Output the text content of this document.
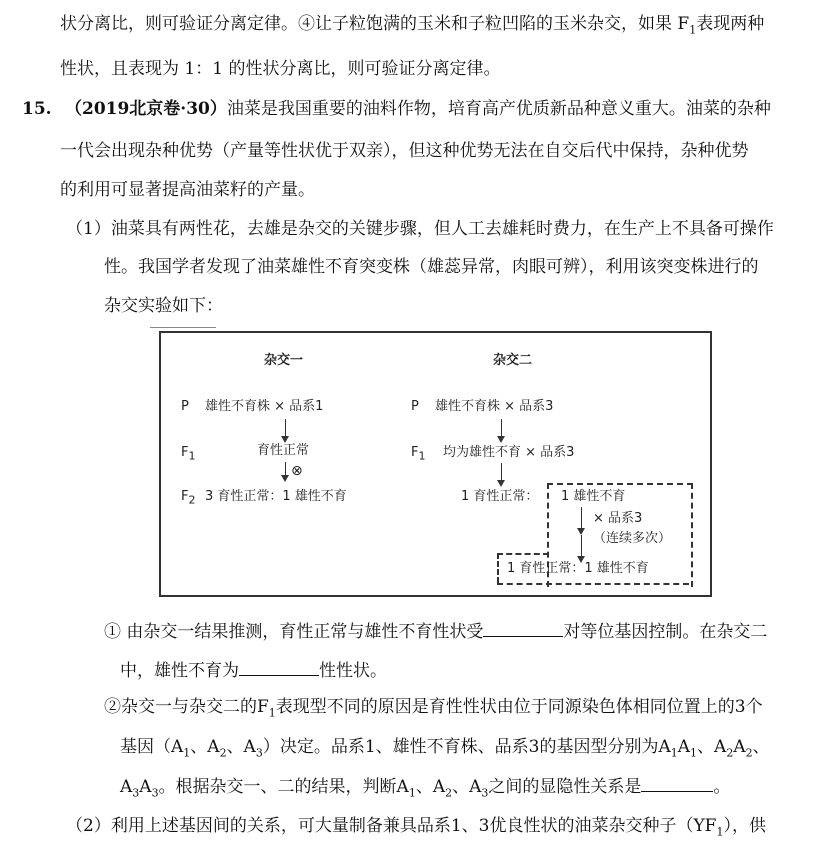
状分离比，则可验证分离定律。④让子粒饱满的玉米和子粒凹陷的玉米杂交，如果 $F_1$表现两种
性状，且表现为 1：1 的性状分离比，则可验证分离定律。
15. （2019北京卷·30）油菜是我国重要的油料作物，培育高产优质新品种意义重大。油菜的杂种
一代会出现杂种优势（产量等性状优于双亲），但这种优势无法在自交后代中保持，杂种优势
的利用可显著提高油菜籽的产量。
（1）油菜具有两性花，去雄是杂交的关键步骤，但人工去雄耗时费力，在生产上不具备可操作
性。我国学者发现了油菜雄性不育突变株（雄蕊异常，肉眼可辨），利用该突变株进行的
杂交实验如下：
杂交一	杂交二
P 雄性不育株 × 品系1
$F_1$	育性正常
⊗
$F_2$ 3 育性正常：1 雄性不育
P 雄性不育株 × 品系3
$F_1$ 均为雄性不育 × 品系3
1 育性正常： 1 雄性不育
× 品系3
（连续多次）
1 育性正常：1 雄性不育
① 由杂交一结果推测，育性正常与雄性不育性状受	对等位基因控制。在杂交二
中，雄性不育为	性性状。
②杂交一与杂交二的$F_1$表现型不同的原因是育性性状由位于同源染色体相同位置上的3个
基因（$A_1$、$A_2$、$A_3$）决定。品系1、雄性不育株、品系3的基因型分别为$A_1A_1$、$A_2A_2$、
$A_3A_3$。根据杂交一、二的结果，判断$A_1$、$A_2$、$A_3$之间的显隐性关系是	。
（2）利用上述基因间的关系，可大量制备兼具品系1、3优良性状的油菜杂交种子$(YF_1)$，供
